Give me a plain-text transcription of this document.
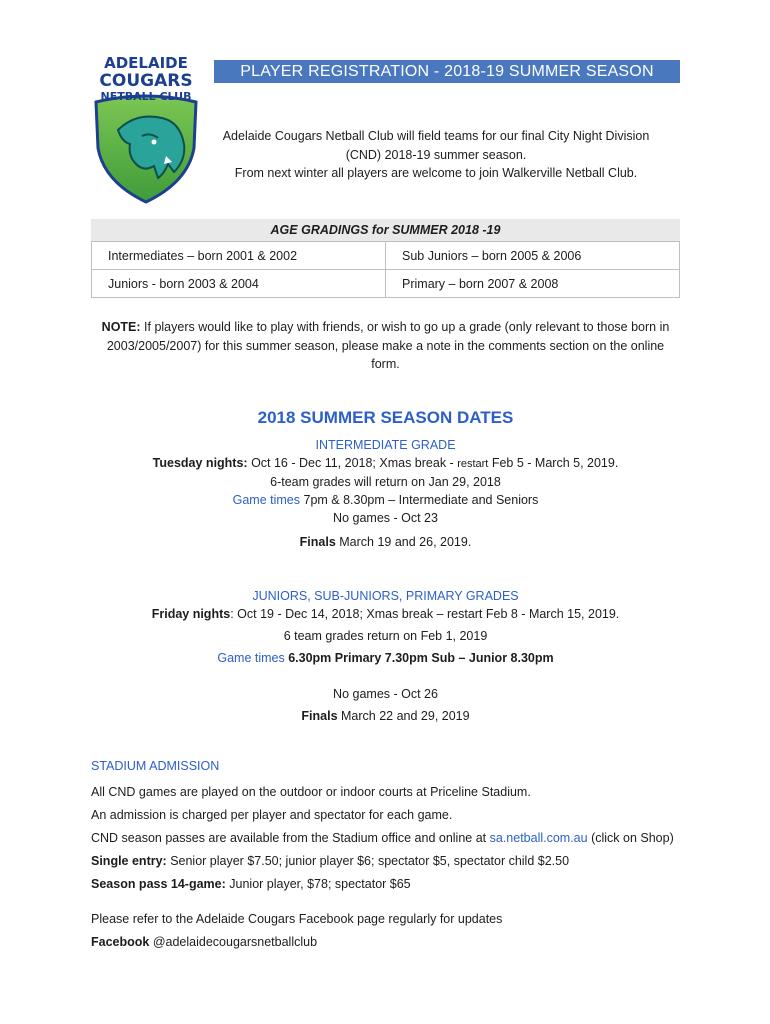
ADELAIDE
COUGARS
NETBALL CLUB
PLAYER REGISTRATION - 2018-19 SUMMER SEASON

Adelaide Cougars Netball Club will field teams for our final City Night Division

(CND) 2018-19 summer season.

From next winter all players are welcome to join Walkerville Netball Club.

AGE GRADINGS for SUMMER 2018 -19
Intermediates – born 2001 & 2002	Sub Juniors – born 2005 & 2006
Juniors - born 2003 & 2004	Primary – born 2007 & 2008
NOTE: If players would like to play with friends, or wish to go up a grade (only relevant to those born in 2003/2005/2007) for this summer season, please make a note in the comments section on the online form.
2018 SUMMER SEASON DATES

INTERMEDIATE GRADE

Tuesday nights: Oct 16 - Dec 11, 2018; Xmas break - restart Feb 5 - March 5, 2019.

6-team grades will return on Jan 29, 2018

Game times 7pm & 8.30pm – Intermediate and Seniors

No games - Oct 23

Finals March 19 and 26, 2019.

JUNIORS, SUB-JUNIORS, PRIMARY GRADES

Friday nights: Oct 19 - Dec 14, 2018; Xmas break – restart Feb 8 - March 15, 2019.

6 team grades return on Feb 1, 2019

Game times 6.30pm Primary 7.30pm Sub – Junior 8.30pm

No games - Oct 26

Finals March 22 and 29, 2019

STADIUM ADMISSION

All CND games are played on the outdoor or indoor courts at Priceline Stadium.

An admission is charged per player and spectator for each game.

CND season passes are available from the Stadium office and online at sa.netball.com.au (click on Shop)

Single entry: Senior player $7.50; junior player $6; spectator $5, spectator child $2.50

Season pass 14-game: Junior player, $78; spectator $65

Please refer to the Adelaide Cougars Facebook page regularly for updates

Facebook @adelaidecougarsnetballclub
